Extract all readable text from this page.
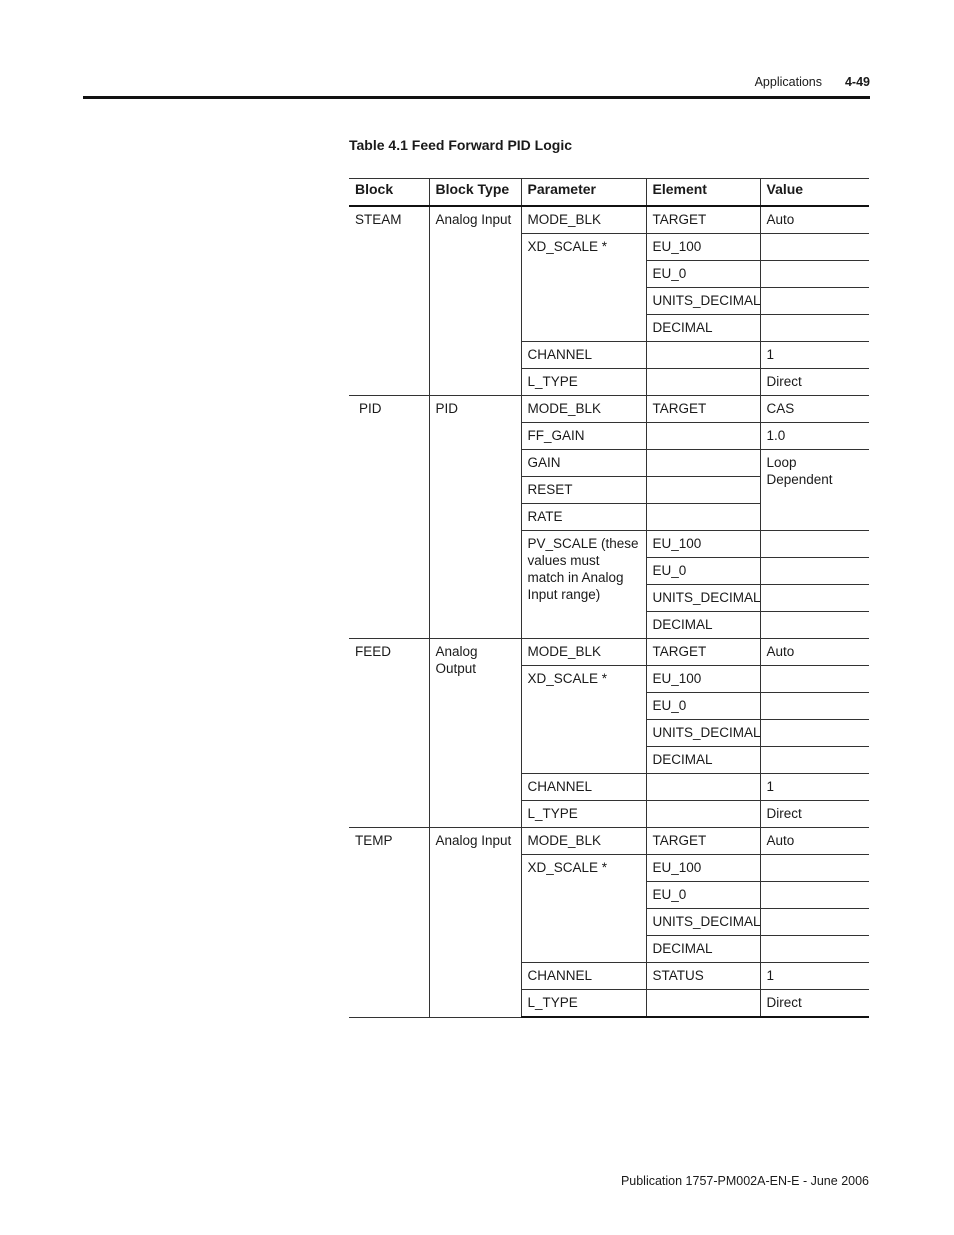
Applications 4-49
Table 4.1 Feed Forward PID Logic
Block	Block Type	Parameter	Element	Value
STEAM	Analog Input	MODE_BLK	TARGET	Auto
		XD_SCALE *	EU_100	
			EU_0	
			UNITS_DECIMAL	
			DECIMAL	
		CHANNEL		1
		L_TYPE		Direct
PID	PID	MODE_BLK	TARGET	CAS
		FF_GAIN		1.0
		GAIN		Loop Dependent
		RESET		
		RATE		
		PV_SCALE (these values must match in Analog Input range)	EU_100	
			EU_0	
			UNITS_DECIMAL	
			DECIMAL	
FEED	Analog Output	MODE_BLK	TARGET	Auto
		XD_SCALE *	EU_100	
			EU_0	
			UNITS_DECIMAL	
			DECIMAL	
		CHANNEL		1
		L_TYPE		Direct
TEMP	Analog Input	MODE_BLK	TARGET	Auto
		XD_SCALE *	EU_100	
			EU_0	
			UNITS_DECIMAL	
			DECIMAL	
		CHANNEL	STATUS	1
		L_TYPE		Direct
Publication 1757-PM002A-EN-E - June 2006
